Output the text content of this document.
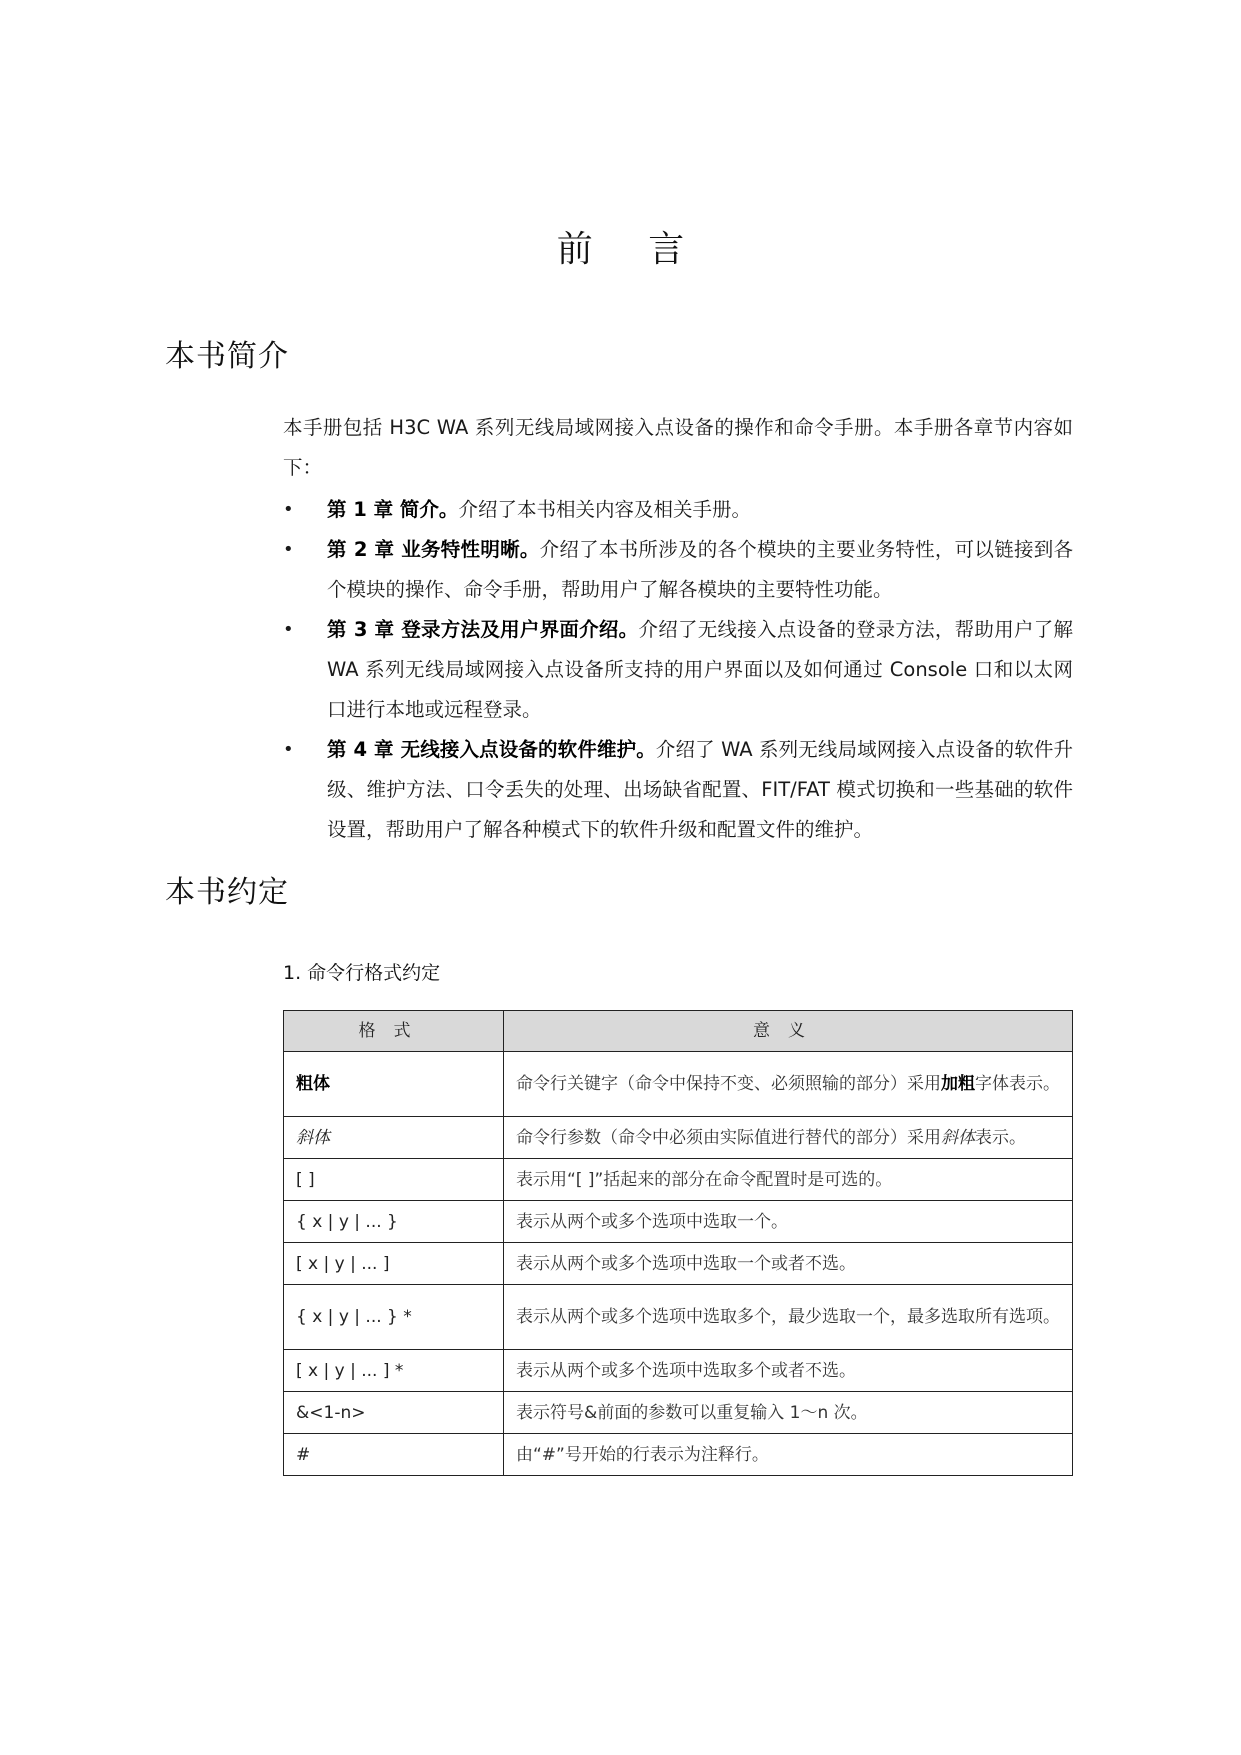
前 言
本书简介
本手册包括 H3C WA 系列无线局域网接入点设备的操作和命令手册。本手册各章节内容如下：
•	第 1 章 简介。介绍了本书相关内容及相关手册。
•	第 2 章 业务特性明晰。介绍了本书所涉及的各个模块的主要业务特性，可以链接到各个模块的操作、命令手册，帮助用户了解各模块的主要特性功能。
•	第 3 章 登录方法及用户界面介绍。介绍了无线接入点设备的登录方法，帮助用户了解 WA 系列无线局域网接入点设备所支持的用户界面以及如何通过 Console 口和以太网口进行本地或远程登录。
•	第 4 章 无线接入点设备的软件维护。介绍了 WA 系列无线局域网接入点设备的软件升级、维护方法、口令丢失的处理、出场缺省配置、FIT/FAT 模式切换和一些基础的软件设置，帮助用户了解各种模式下的软件升级和配置文件的维护。
本书约定
1. 命令行格式约定
格式	意义
粗体	命令行关键字（命令中保持不变、必须照输的部分）采用加粗字体表示。
斜体	命令行参数（命令中必须由实际值进行替代的部分）采用斜体表示。
[ ]	表示用“[ ]”括起来的部分在命令配置时是可选的。
{ x | y | ... }	表示从两个或多个选项中选取一个。
[ x | y | ... ]	表示从两个或多个选项中选取一个或者不选。
{ x | y | ... } *	表示从两个或多个选项中选取多个，最少选取一个，最多选取所有选项。
[ x | y | ... ] *	表示从两个或多个选项中选取多个或者不选。
&<1-n>	表示符号&前面的参数可以重复输入 1～n 次。
#	由“#”号开始的行表示为注释行。
